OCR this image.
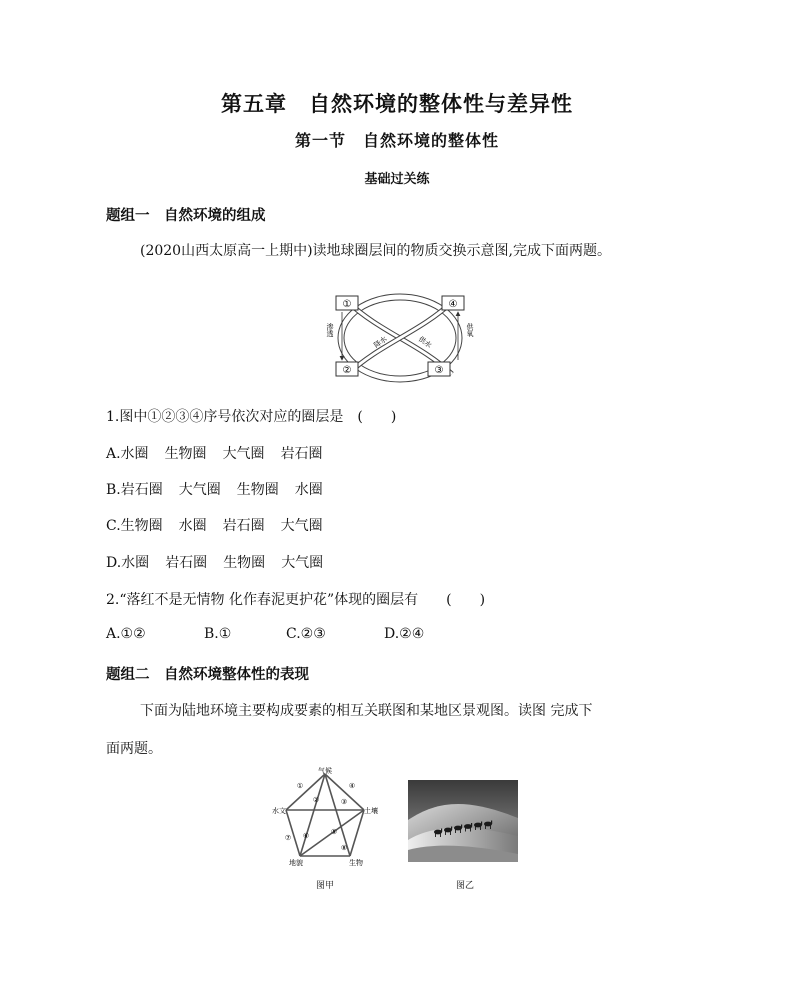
第五章　自然环境的整体性与差异性
第一节　自然环境的整体性
基础过关练
题组一　自然环境的组成
(2020山西太原高一上期中)读地球圈层间的物质交换示意图,完成下面两题。
①	④
②	③
渗透	供氧
降水	供水
1.图中①②③④序号依次对应的圈层是　(　　)
A.水圈 生物圈 大气圈 岩石圈
B.岩石圈 大气圈 生物圈 水圈
C.生物圈 水圈 岩石圈 大气圈
D.水圈 岩石圈 生物圈 大气圈
2.“落红不是无情物 化作春泥更护花”体现的圈层有　　(　　)
A.①②	B.①	C.②③	D.②④
题组二　自然环境整体性的表现
下面为陆地环境主要构成要素的相互关联图和某地区景观图。读图 完成下
面两题。
气候
水文	土壤
地貌	生物
①
②	③
④
⑤
⑥
⑦
⑧
图甲	图乙
